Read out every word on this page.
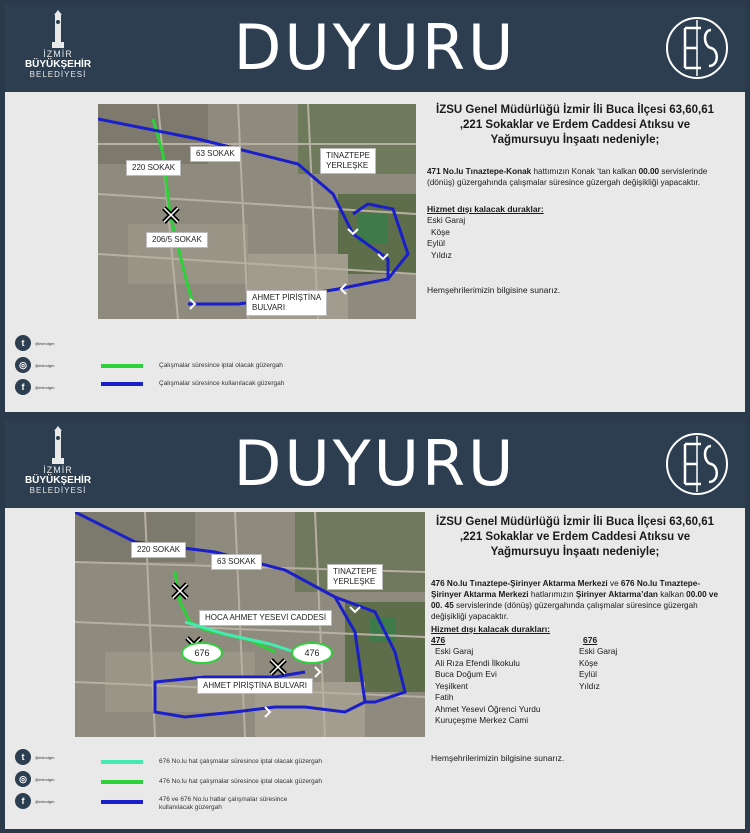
İZMİR
BÜYÜKŞEHİR
BELEDİYESİ	DUYURU
63 SOKAK
220 SOKAK
TINAZTEPE
YERLEŞKE
206/5 SOKAK
AHMET PİRİŞTİNA
BULVARI
İZSU Genel Müdürlüğü İzmir İli Buca İlçesi 63,60,61 ,221 Sokaklar ve Erdem Caddesi Atıksu ve Yağmursuyu İnşaatı nedeniyle;

471 No.lu Tınaztepe-Konak hattımızın Konak ‘tan kalkan 00.00 servislerinde (dönüş) güzergahında çalışmalar süresince güzergah değişikliği yapacaktır.

Hizmet dışı kalacak duraklar:
Eski Garaj
Köşe
Eylül
Yıldız
Hemşehrilerimizin bilgisine sunarız.
t	@eshotgm
◎	@eshotgm
f	@eshotgm
Çalışmalar süresince iptal olacak güzergah
Çalışmalar süresince kullanılacak güzergah
İZMİR
BÜYÜKŞEHİR
BELEDİYESİ	DUYURU
220 SOKAK
63 SOKAK
TINAZTEPE
YERLEŞKE
HOCA AHMET YESEVİ CADDESİ
676	476
AHMET PİRİŞTİNA BULVARI
İZSU Genel Müdürlüğü İzmir İli Buca İlçesi 63,60,61 ,221 Sokaklar ve Erdem Caddesi Atıksu ve Yağmursuyu İnşaatı nedeniyle;

476 No.lu Tınaztepe-Şirinyer Aktarma Merkezi ve 676 No.lu Tınaztepe-Şirinyer Aktarma Merkezi hatlarımızın Şirinyer Aktarma’dan kalkan 00.00 ve 00. 45 servislerinde (dönüş) güzergahında çalışmalar süresince güzergah değişikliği yapacaktır.

Hizmet dışı kalacak durakları:
476
Eski Garaj
Ali Rıza Efendi İlkokulu
Buca Doğum Evi
Yeşilkent
Fatih
Ahmet Yesevi Öğrenci Yurdu
Kuruçeşme Merkez Cami
676
Eski Garaj
Köşe
Eylül
Yıldız
Hemşehrilerimizin bilgisine sunarız.
t	@eshotgm
◎	@eshotgm
f	@eshotgm
676 No.lu hat çalışmalar süresince iptal olacak güzergah
476 No.lu hat çalışmalar süresince iptal olacak güzergah
476 ve 676 No.lu hatlar çalışmalar süresince
kullanılacak güzergah
